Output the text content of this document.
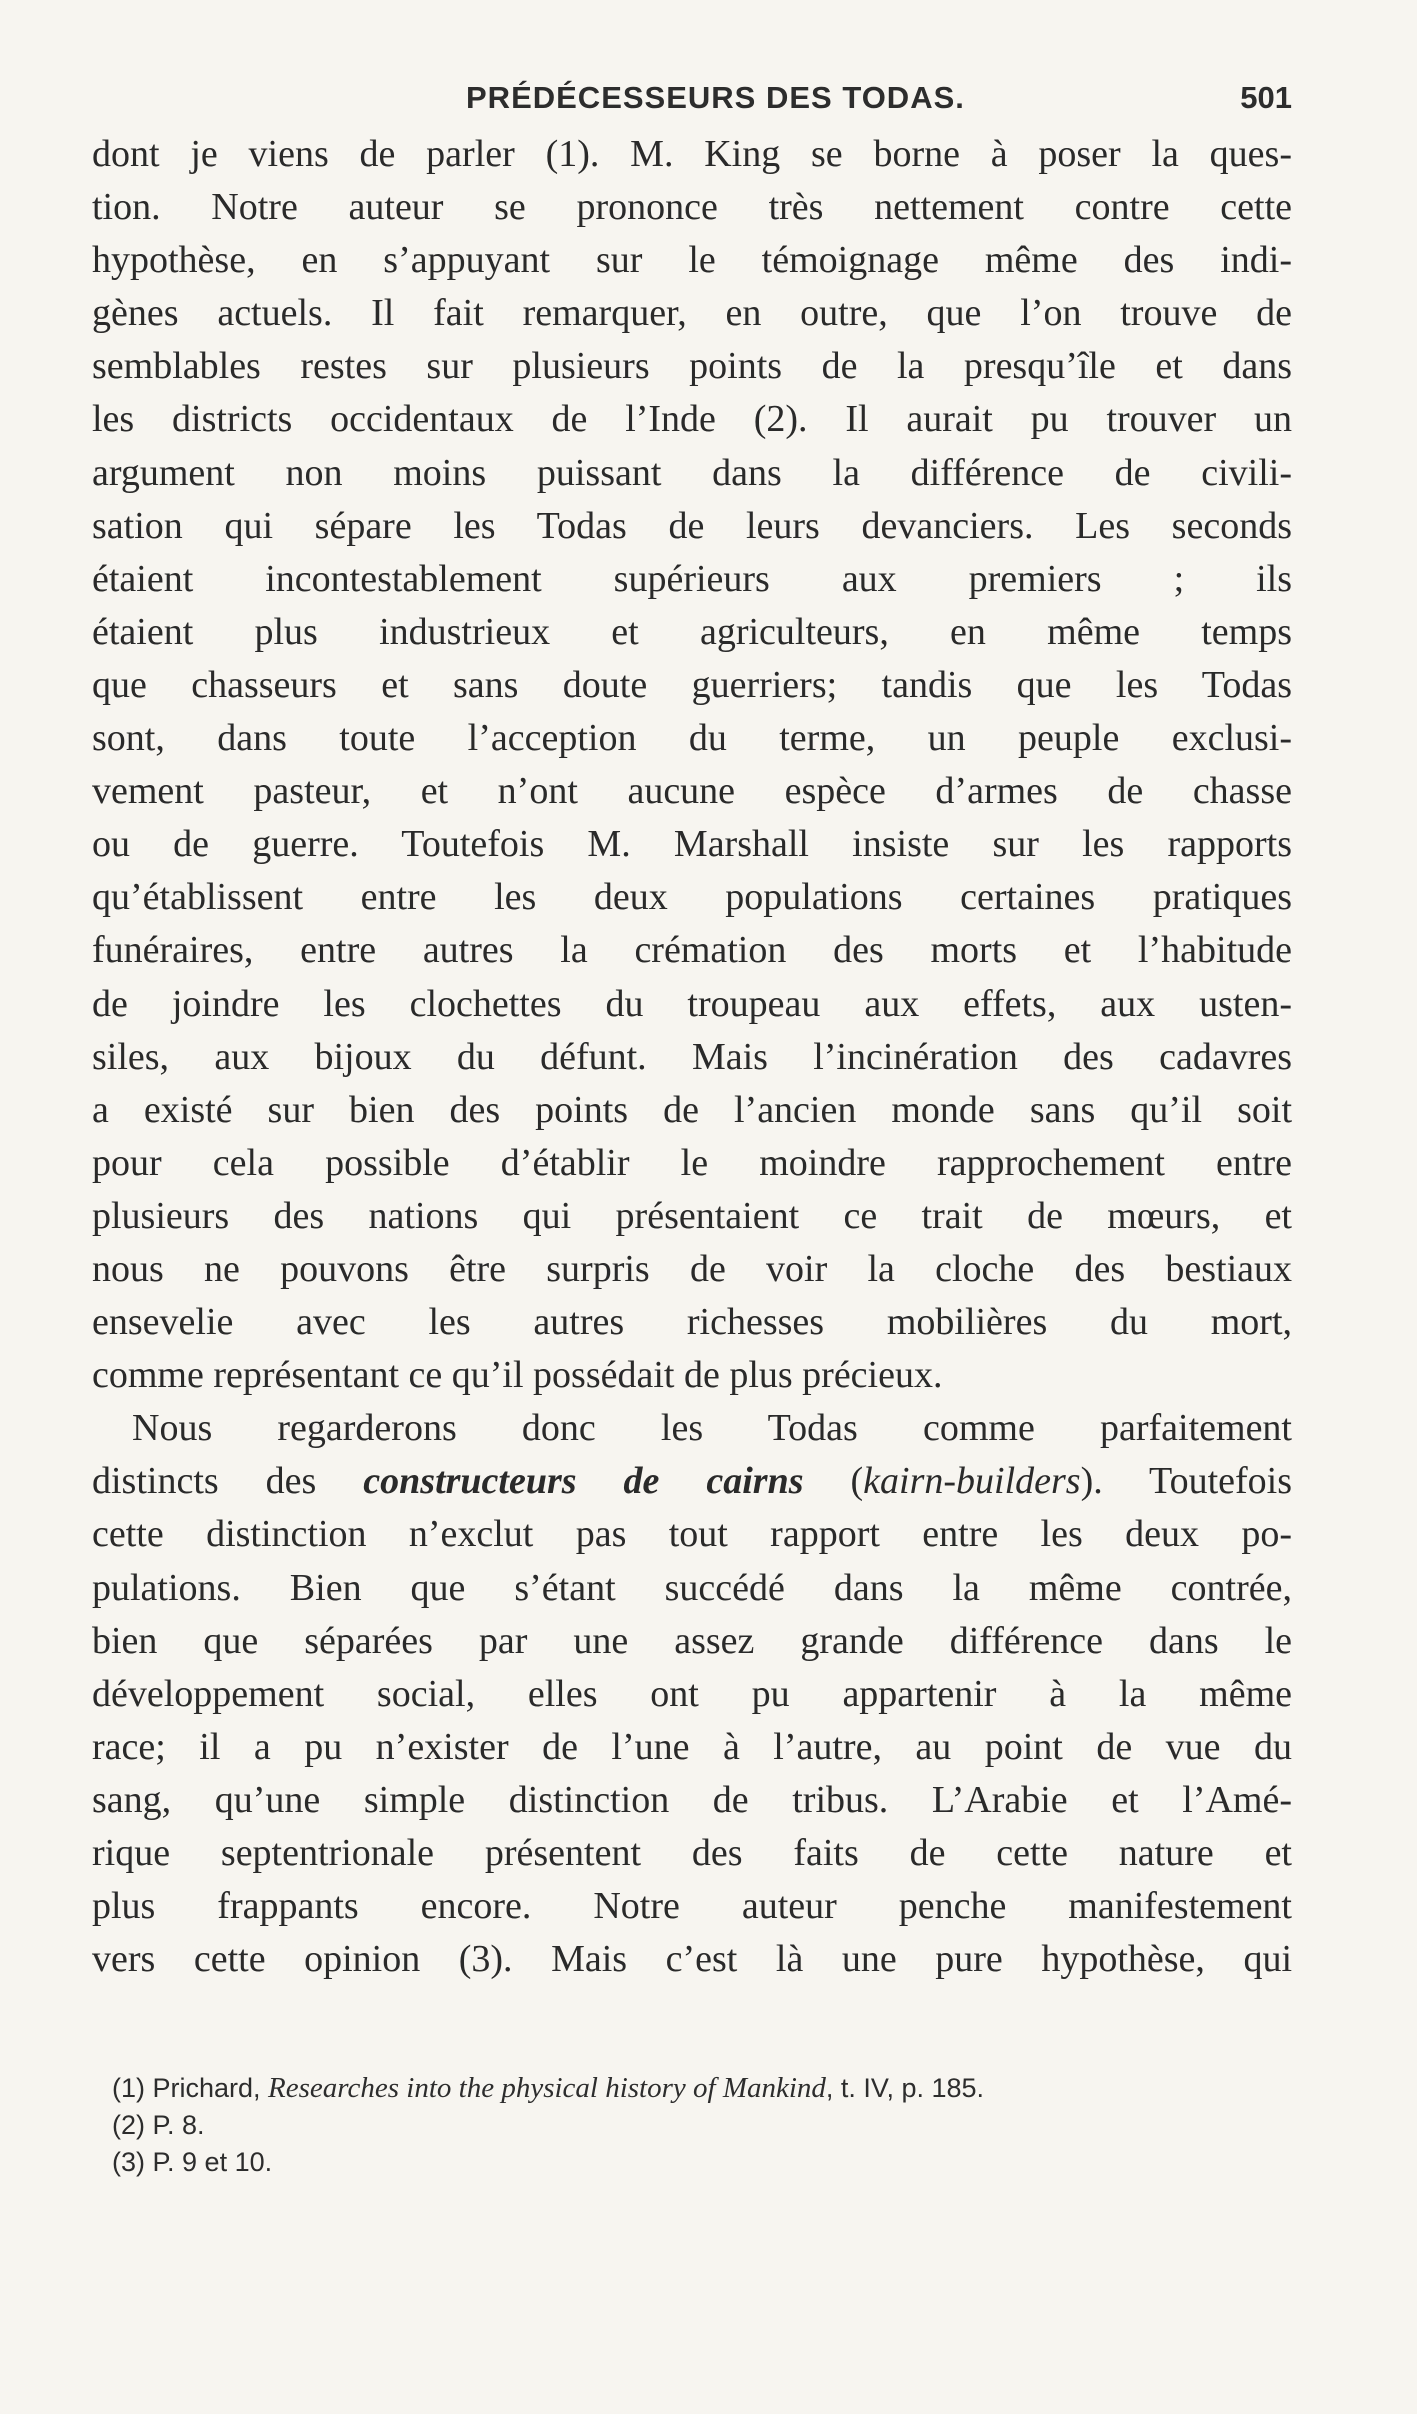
PRÉDÉCESSEURS DES TODAS.	501
dont je viens de parler (1). M. King se borne à poser la ques-
tion. Notre auteur se prononce très nettement contre cette
hypothèse, en s’appuyant sur le témoignage même des indi-
gènes actuels. Il fait remarquer, en outre, que l’on trouve de
semblables restes sur plusieurs points de la presqu’île et dans
les districts occidentaux de l’Inde (2). Il aurait pu trouver un
argument non moins puissant dans la différence de civili-
sation qui sépare les Todas de leurs devanciers. Les seconds
étaient incontestablement supérieurs aux premiers ; ils
étaient plus industrieux et agriculteurs, en même temps
que chasseurs et sans doute guerriers; tandis que les Todas
sont, dans toute l’acception du terme, un peuple exclusi-
vement pasteur, et n’ont aucune espèce d’armes de chasse
ou de guerre. Toutefois M. Marshall insiste sur les rapports
qu’établissent entre les deux populations certaines pratiques
funéraires, entre autres la crémation des morts et l’habitude
de joindre les clochettes du troupeau aux effets, aux usten-
siles, aux bijoux du défunt. Mais l’incinération des cadavres
a existé sur bien des points de l’ancien monde sans qu’il soit
pour cela possible d’établir le moindre rapprochement entre
plusieurs des nations qui présentaient ce trait de mœurs, et
nous ne pouvons être surpris de voir la cloche des bestiaux
ensevelie avec les autres richesses mobilières du mort,
comme représentant ce qu’il possédait de plus précieux.
Nous regarderons donc les Todas comme parfaitement
distincts des constructeurs de cairns (kairn-builders). Toutefois
cette distinction n’exclut pas tout rapport entre les deux po-
pulations. Bien que s’étant succédé dans la même contrée,
bien que séparées par une assez grande différence dans le
développement social, elles ont pu appartenir à la même
race; il a pu n’exister de l’une à l’autre, au point de vue du
sang, qu’une simple distinction de tribus. L’Arabie et l’Amé-
rique septentrionale présentent des faits de cette nature et
plus frappants encore. Notre auteur penche manifestement
vers cette opinion (3). Mais c’est là une pure hypothèse, qui
(1) Prichard, Researches into the physical history of Mankind, t. IV, p. 185.
(2) P. 8.
(3) P. 9 et 10.
